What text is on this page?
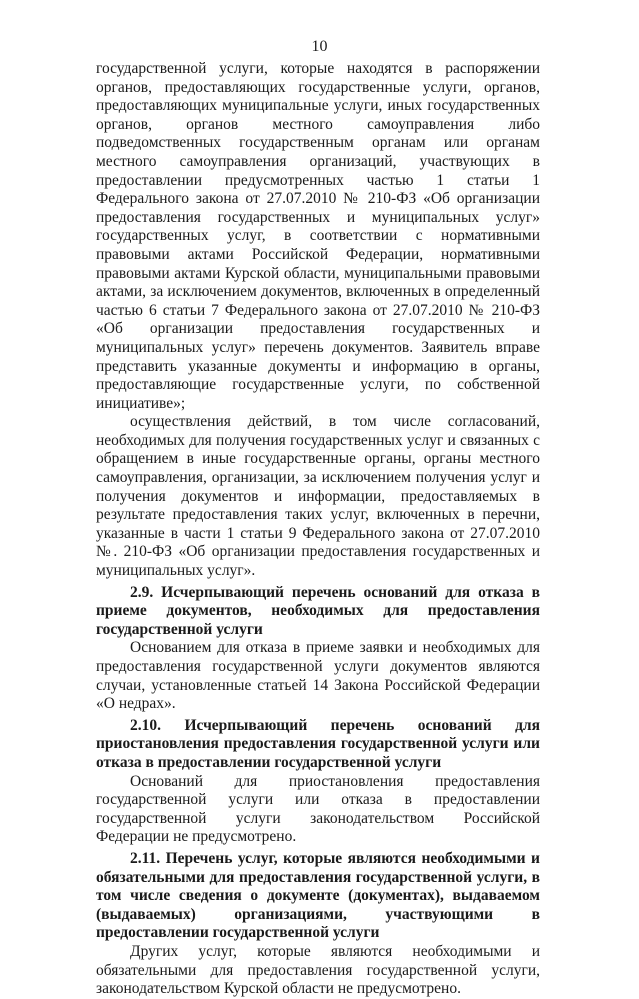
10

государственной услуги, которые находятся в распоряжении органов, предоставляющих государственные услуги, органов, предоставляющих муниципальные услуги, иных государственных органов, органов местного самоуправления либо подведомственных государственным органам или органам местного самоуправления организаций, участвующих в предоставлении предусмотренных частью 1 статьи 1 Федерального закона от 27.07.2010 № 210-ФЗ «Об организации предоставления государственных и муниципальных услуг» государственных услуг, в соответствии с нормативными правовыми актами Российской Федерации, нормативными правовыми актами Курской области, муниципальными правовыми актами, за исключением документов, включенных в определенный частью 6 статьи 7 Федерального закона от 27.07.2010 № 210-ФЗ «Об организации предоставления государственных и муниципальных услуг» перечень документов. Заявитель вправе представить указанные документы и информацию в органы, предоставляющие государственные услуги, по собственной инициативе»;

осуществления действий, в том числе согласований, необходимых для получения государственных услуг и связанных с обращением в иные государственные органы, органы местного самоуправления, организации, за исключением получения услуг и получения документов и информации, предоставляемых в результате предоставления таких услуг, включенных в перечни, указанные в части 1 статьи 9 Федерального закона от 27.07.2010 №. 210-ФЗ «Об организации предоставления государственных и муниципальных услуг».

2.9. Исчерпывающий перечень оснований для отказа в приеме документов, необходимых для предоставления государственной услуги

Основанием для отказа в приеме заявки и необходимых для предоставления государственной услуги документов являются случаи, установленные статьей 14 Закона Российской Федерации «О недрах».

2.10. Исчерпывающий перечень оснований для приостановления предоставления государственной услуги или отказа в предоставлении государственной услуги

Оснований для приостановления предоставления государственной услуги или отказа в предоставлении государственной услуги законодательством Российской Федерации не предусмотрено.

2.11. Перечень услуг, которые являются необходимыми и обязательными для предоставления государственной услуги, в том числе сведения о документе (документах), выдаваемом (выдаваемых) организациями, участвующими в предоставлении государственной услуги

Других услуг, которые являются необходимыми и обязательными для предоставления государственной услуги, законодательством Курской области не предусмотрено.
